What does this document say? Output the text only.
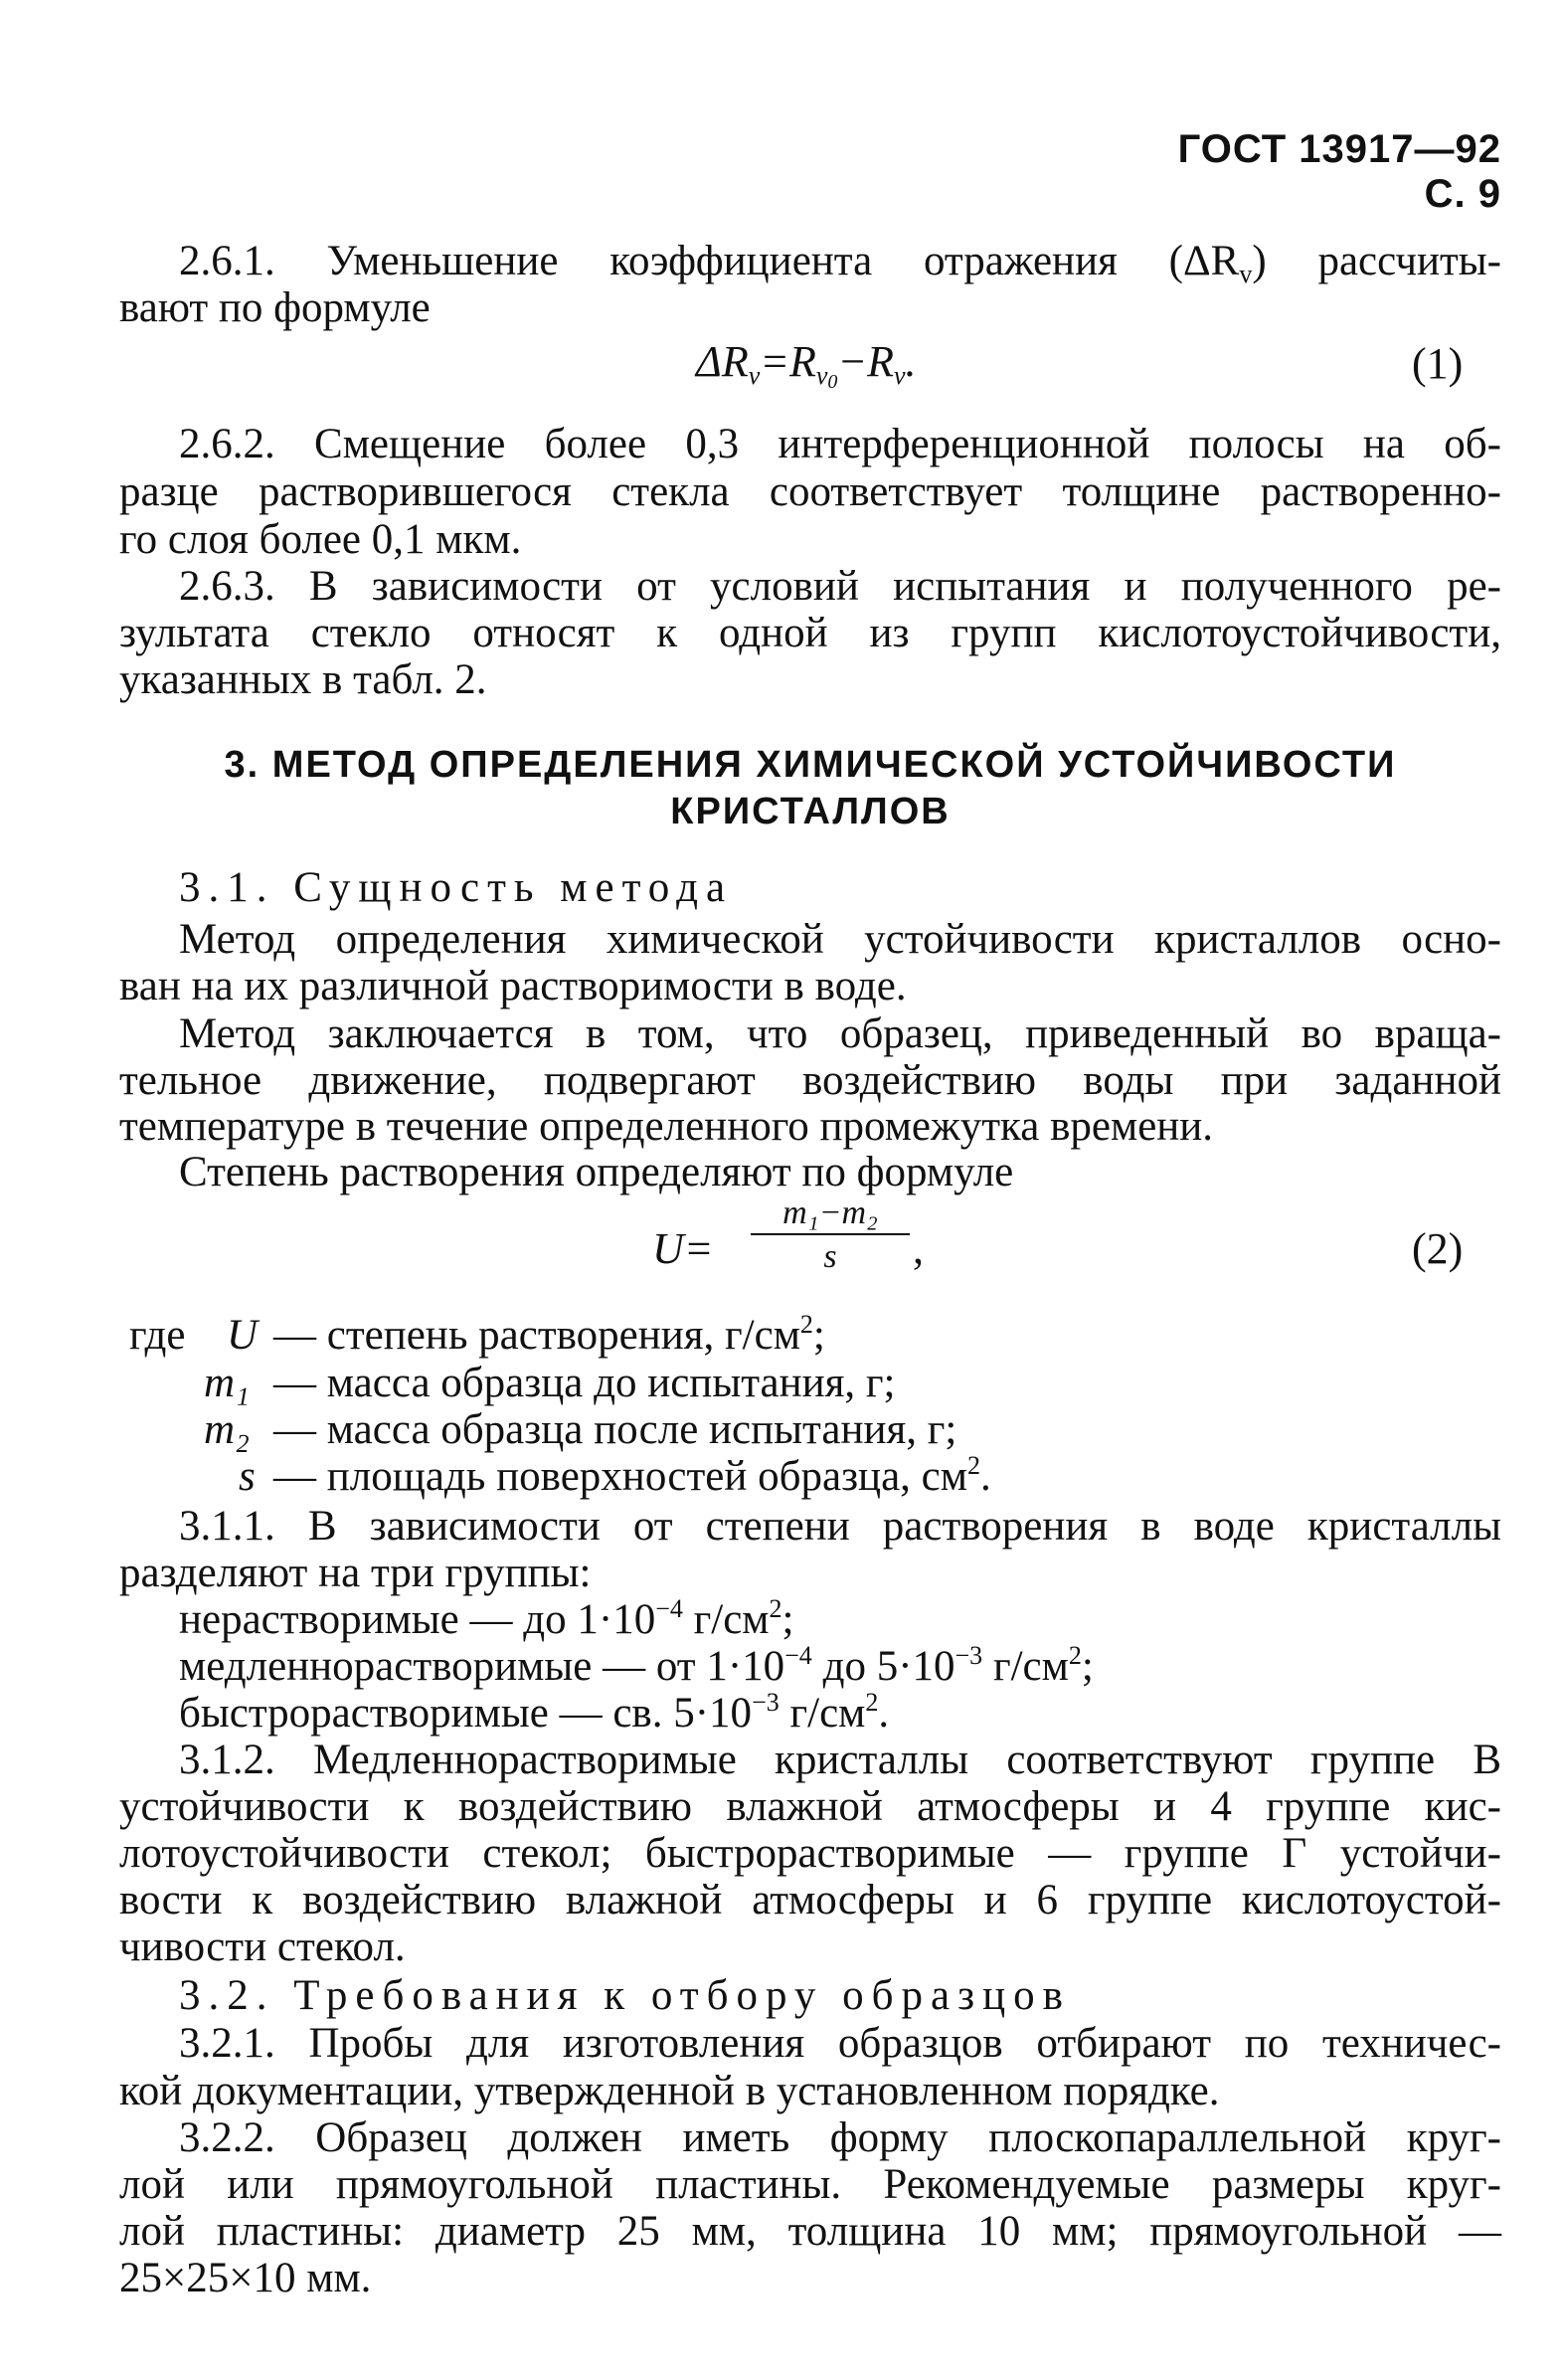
ГОСТ 13917—92 С. 9
2.6.1. Уменьшение коэффициента отражения $(\Delta R_v)$ рассчиты-
вают по формуле
$\Delta R_v=R_{v_0}-R_v$.	(1)
2.6.2. Смещение более 0,3 интерференционной полосы на об-
разце растворившегося стекла соответствует толщине растворенно-
го слоя более 0,1 мкм.
2.6.3. В зависимости от условий испытания и полученного ре-
зультата стекло относят к одной из групп кислотоустойчивости,
указанных в табл. 2.
3. МЕТОД ОПРЕДЕЛЕНИЯ ХИМИЧЕСКОЙ УСТОЙЧИВОСТИ
КРИСТАЛЛОВ
3.1. Сущность метода
Метод определения химической устойчивости кристаллов осно-
ван на их различной растворимости в воде.
Метод заключается в том, что образец, приведенный во враща-
тельное движение, подвергают воздействию воды при заданной
температуре в течение определенного промежутка времени.
Степень растворения определяют по формуле
$U= \frac{\text{m₁−m₂}}{s}$ ,	(2)
где U — степень растворения, $г/см^2$;
m₁ — масса образца до испытания, г;
m₂ — масса образца после испытания, г;
s — площадь поверхностей образца, $см^2$.
3.1.1. В зависимости от степени растворения в воде кристаллы
разделяют на три группы:
нерастворимые — до $1\cdot 10^{-4}$ $г/см^2$;
медленнорастворимые — от $1\cdot 10^{-4}$ до $5\cdot 10^{-3}$ $г/см^2$;
быстрорастворимые — св. $5\cdot 10^{-3}$ $г/см^2$.
3.1.2. Медленнорастворимые кристаллы соответствуют группе В
устойчивости к воздействию влажной атмосферы и 4 группе кис-
лотоустойчивости стекол; быстрорастворимые — группе Г устойчи-
вости к воздействию влажной атмосферы и 6 группе кислотоустой-
чивости стекол.
3.2. Требования к отбору образцов
3.2.1. Пробы для изготовления образцов отбирают по техничес-
кой документации, утвержденной в установленном порядке.
3.2.2. Образец должен иметь форму плоскопараллельной круг-
лой или прямоугольной пластины. Рекомендуемые размеры круг-
лой пластины: диаметр 25 мм, толщина 10 мм; прямоугольной —
25×25×10 мм.
